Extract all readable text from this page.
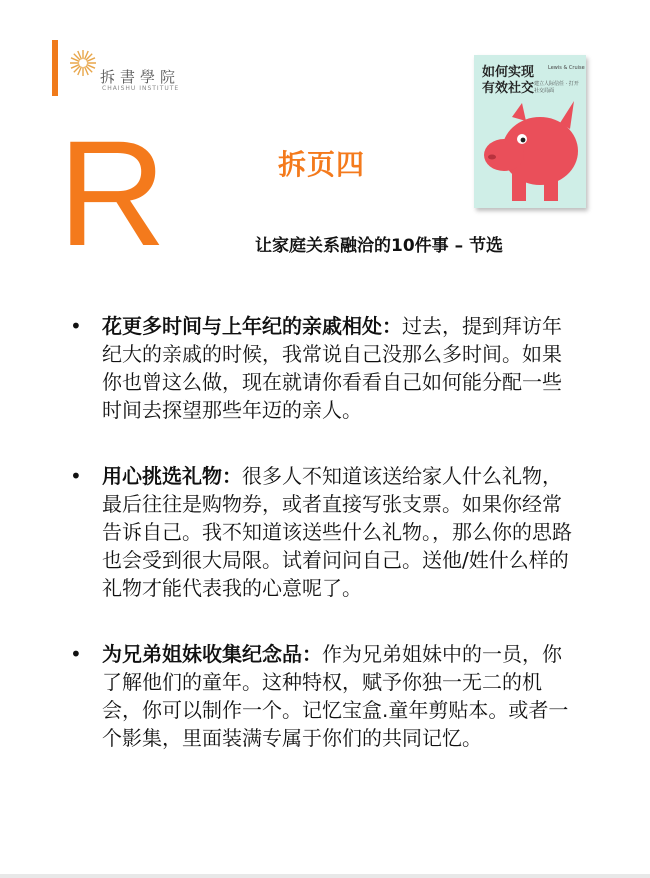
拆書學院
CHAISHU INSTITUTE
R	拆页四
如何实现
有效社交
Lewis & Cruise
建立人际信任 · 打开社交局面
让家庭关系融洽的10件事 – 节选
• 花更多时间与上年纪的亲戚相处：过去，提到拜访年纪大的亲戚的时候，我常说自己没那么多时间。如果你也曾这么做，现在就请你看看自己如何能分配一些时间去探望那些年迈的亲人。
• 用心挑选礼物：很多人不知道该送给家人什么礼物，最后往往是购物券，或者直接写张支票。如果你经常告诉自己。我不知道该送些什么礼物。，那么你的思路也会受到很大局限。试着问问自己。送他/姓什么样的礼物才能代表我的心意呢了。
• 为兄弟姐妹收集纪念品：作为兄弟姐妹中的一员，你了解他们的童年。这种特权，赋予你独一无二的机会，你可以制作一个。记忆宝盒.童年剪贴本。或者一个影集，里面装满专属于你们的共同记忆。
